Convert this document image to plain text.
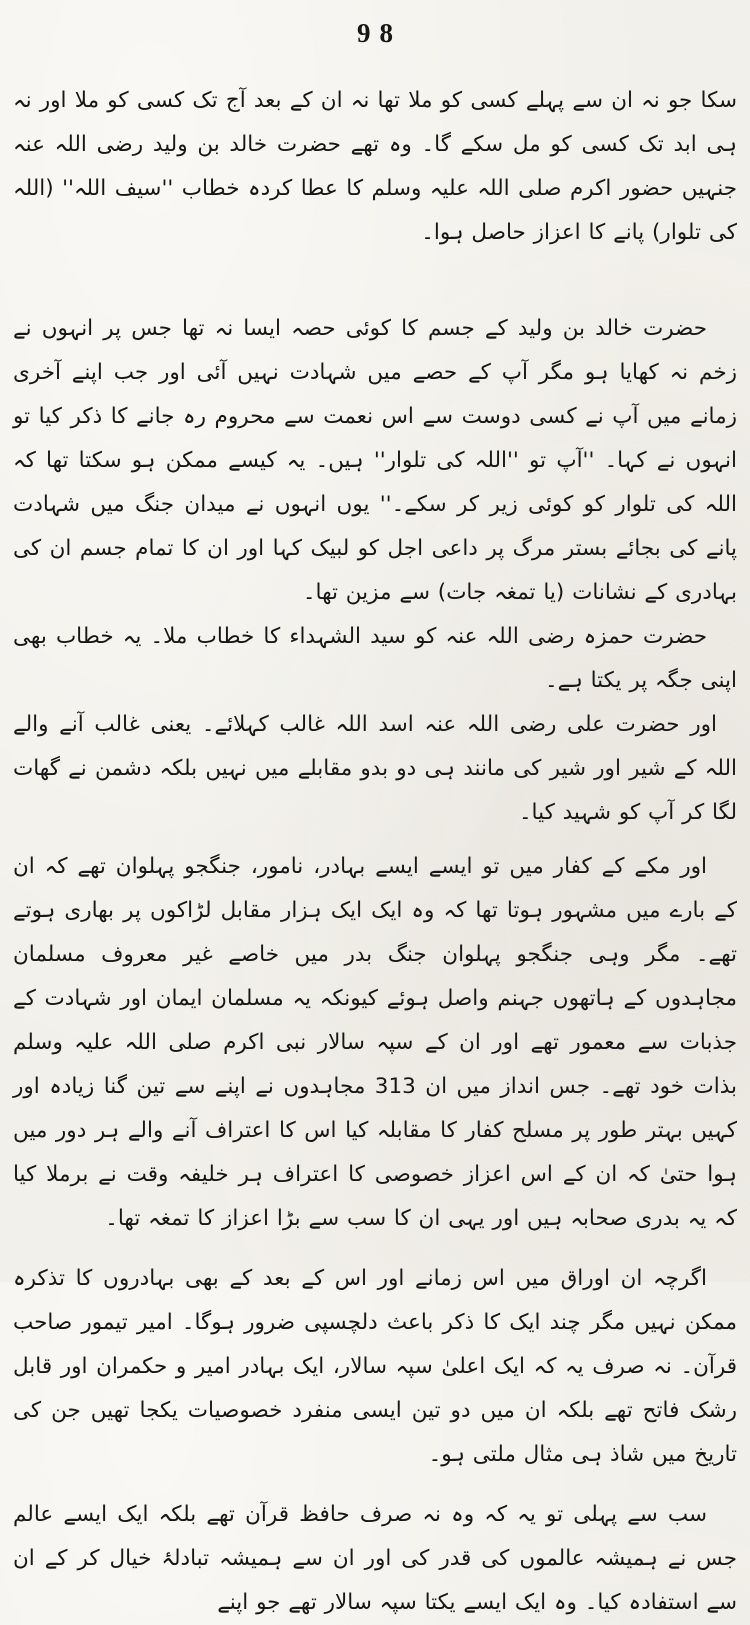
98

سکا جو نہ ان سے پہلے کسی کو ملا تھا نہ ان کے بعد آج تک کسی کو ملا اور نہ ہی ابد تک کسی کو مل سکے گا۔ وہ تھے حضرت خالد بن ولید رضی اللہ عنہ جنہیں حضور اکرم صلی اللہ علیہ وسلم کا عطا کردہ خطاب ''سیف اللہ'' (اللہ کی تلوار) پانے کا اعزاز حاصل ہوا۔

حضرت خالد بن ولید کے جسم کا کوئی حصہ ایسا نہ تھا جس پر انہوں نے زخم نہ کھایا ہو مگر آپ کے حصے میں شہادت نہیں آئی اور جب اپنے آخری زمانے میں آپ نے کسی دوست سے اس نعمت سے محروم رہ جانے کا ذکر کیا تو انہوں نے کہا۔ ''آپ تو ''اللہ کی تلوار'' ہیں۔ یہ کیسے ممکن ہو سکتا تھا کہ اللہ کی تلوار کو کوئی زیر کر سکے۔'' یوں انہوں نے میدان جنگ میں شہادت پانے کی بجائے بستر مرگ پر داعی اجل کو لبیک کہا اور ان کا تمام جسم ان کی بہادری کے نشانات (یا تمغہ جات) سے مزین تھا۔

حضرت حمزہ رضی اللہ عنہ کو سید الشہداء کا خطاب ملا۔ یہ خطاب بھی اپنی جگہ پر یکتا ہے۔

اور حضرت علی رضی اللہ عنہ اسد اللہ غالب کہلائے۔ یعنی غالب آنے والے اللہ کے شیر اور شیر کی مانند ہی دو بدو مقابلے میں نہیں بلکہ دشمن نے گھات لگا کر آپ کو شہید کیا۔

اور مکے کے کفار میں تو ایسے ایسے بہادر، نامور، جنگجو پہلوان تھے کہ ان کے بارے میں مشہور ہوتا تھا کہ وہ ایک ایک ہزار مقابل لڑاکوں پر بھاری ہوتے تھے۔ مگر وہی جنگجو پہلوان جنگ بدر میں خاصے غیر معروف مسلمان مجاہدوں کے ہاتھوں جہنم واصل ہوئے کیونکہ یہ مسلمان ایمان اور شہادت کے جذبات سے معمور تھے اور ان کے سپہ سالار نبی اکرم صلی اللہ علیہ وسلم بذات خود تھے۔ جس انداز میں ان 313 مجاہدوں نے اپنے سے تین گنا زیادہ اور کہیں بہتر طور پر مسلح کفار کا مقابلہ کیا اس کا اعتراف آنے والے ہر دور میں ہوا حتیٰ کہ ان کے اس اعزاز خصوصی کا اعتراف ہر خلیفہ وقت نے برملا کیا کہ یہ بدری صحابہ ہیں اور یہی ان کا سب سے بڑا اعزاز کا تمغہ تھا۔

اگرچہ ان اوراق میں اس زمانے اور اس کے بعد کے بھی بہادروں کا تذکرہ ممکن نہیں مگر چند ایک کا ذکر باعث دلچسپی ضرور ہوگا۔ امیر تیمور صاحب قرآن۔ نہ صرف یہ کہ ایک اعلیٰ سپہ سالار، ایک بہادر امیر و حکمران اور قابل رشک فاتح تھے بلکہ ان میں دو تین ایسی منفرد خصوصیات یکجا تھیں جن کی تاریخ میں شاذ ہی مثال ملتی ہو۔

سب سے پہلی تو یہ کہ وہ نہ صرف حافظ قرآن تھے بلکہ ایک ایسے عالم جس نے ہمیشہ عالموں کی قدر کی اور ان سے ہمیشہ تبادلۂ خیال کر کے ان سے استفادہ کیا۔ وہ ایک ایسے یکتا سپہ سالار تھے جو اپنے
